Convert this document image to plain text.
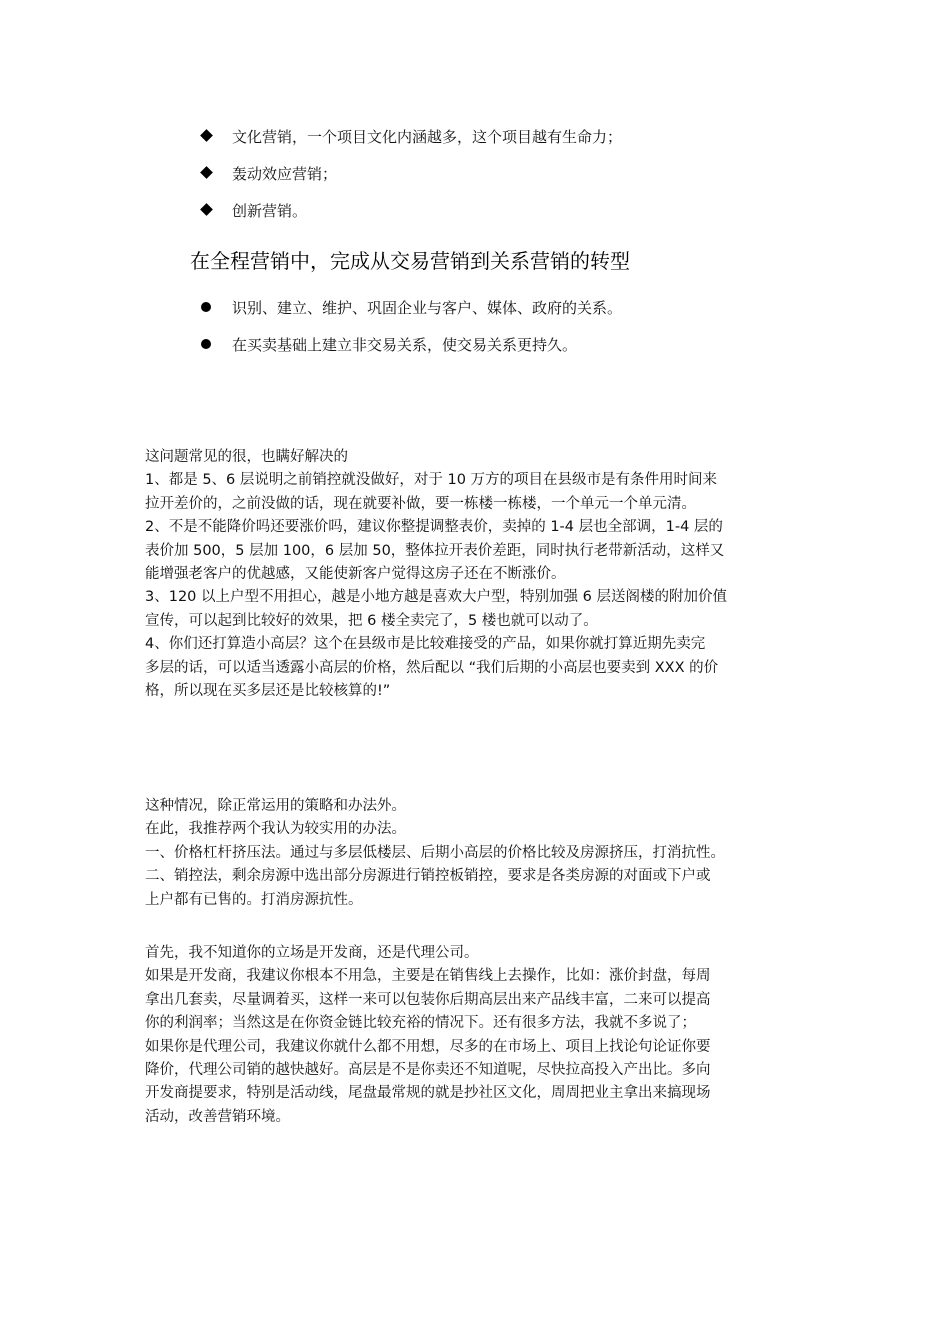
文化营销，一个项目文化内涵越多，这个项目越有生命力；
轰动效应营销；
创新营销。
在全程营销中，完成从交易营销到关系营销的转型
识别、建立、维护、巩固企业与客户、媒体、政府的关系。
在买卖基础上建立非交易关系，使交易关系更持久。
这问题常见的很，也瞒好解决的
1、都是 5、6 层说明之前销控就没做好，对于 10 万方的项目在县级市是有条件用时间来
拉开差价的，之前没做的话，现在就要补做，要一栋楼一栋楼，一个单元一个单元清。
2、不是不能降价吗还要涨价吗，建议你整提调整表价，卖掉的 1-4 层也全部调，1-4 层的
表价加 500，5 层加 100，6 层加 50，整体拉开表价差距，同时执行老带新活动，这样又
能增强老客户的优越感，又能使新客户觉得这房子还在不断涨价。
3、120 以上户型不用担心，越是小地方越是喜欢大户型，特别加强 6 层送阁楼的附加价值
宣传，可以起到比较好的效果，把 6 楼全卖完了，5 楼也就可以动了。
4、你们还打算造小高层？这个在县级市是比较难接受的产品，如果你就打算近期先卖完
多层的话，可以适当透露小高层的价格，然后配以 “我们后期的小高层也要卖到 XXX 的价
格，所以现在买多层还是比较核算的!”
这种情况，除正常运用的策略和办法外。
在此，我推荐两个我认为较实用的办法。
一、价格杠杆挤压法。通过与多层低楼层、后期小高层的价格比较及房源挤压，打消抗性。
二、销控法，剩余房源中选出部分房源进行销控板销控，要求是各类房源的对面或下户或
上户都有已售的。打消房源抗性。
首先，我不知道你的立场是开发商，还是代理公司。
如果是开发商，我建议你根本不用急，主要是在销售线上去操作，比如：涨价封盘，每周
拿出几套卖，尽量调着买，这样一来可以包装你后期高层出来产品线丰富，二来可以提高
你的利润率；当然这是在你资金链比较充裕的情况下。还有很多方法，我就不多说了；
如果你是代理公司，我建议你就什么都不用想，尽多的在市场上、项目上找论句论证你要
降价，代理公司销的越快越好。高层是不是你卖还不知道呢，尽快拉高投入产出比。多向
开发商提要求，特别是活动线，尾盘最常规的就是抄社区文化，周周把业主拿出来搞现场
活动，改善营销环境。
